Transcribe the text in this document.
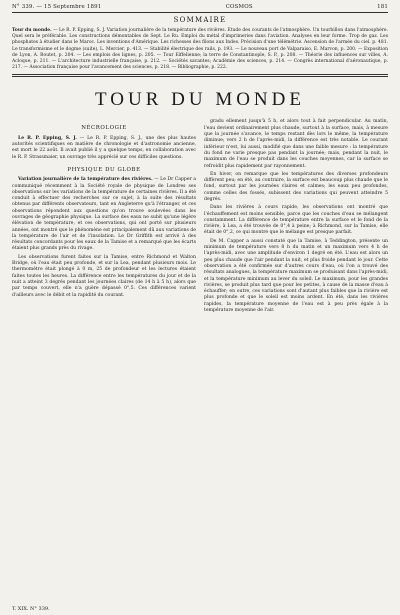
N° 339. — 15 Septembre 1891	COSMOS	181
SOMMAIRE
Tour du monde. — Le R. P. Epping, S. J. Variation journalière de la température des rivières. Etude des courants de l'atmosphère. Un tourbillon dans l'atmosphère. Quel sera le préférable. Les constructions démontables de Sept. Le Ru. Emploi du métal d'imprimeries dans l'aviation. Analyses en leur forme. Trop de gaz. Les phosphates à étudier dans le Maroc. Les inventions d'Amérique. Les richesses des filons aux Indes. Précision d'une télémétrie. Ascension de l'armée du ciel. p. 481. Le transformisme et le dogme (suite), L. Mercier, p. 413. — Stabilité électrique des rails, p. 193. — Le nouveau port de Valparaiso, E. Marvon, p. 200. — Exposition de Lyon, A. Boutet, p. 204. — Les emplois des lignes, p. 205. — Tour Eiffelienne; la terre de Constantinople, S. P., p. 208. — Théorie des influences sur villes, A. Acloque, p. 211. — L'architecture industrielle française, p. 212. — Sociétés savantes; Académie des sciences, p. 214. — Congrès international d'aéronautique, p. 217. — Association française pour l'avancement des sciences, p. 218. — Bibliographie, p. 222.
TOUR DU MONDE
NÉCROLOGIE

Le R. P. Epping, S. J. — Le R. P. Epping, S. J., une des plus hautes autorités scientifiques en matière de chronologie et d'astronomie ancienne, est mort le 22 août. Il avait publié il y a quelque temps, en collaboration avec le R. P. Strassmaier, un ouvrage très apprécié sur ces difficiles questions.

PHYSIQUE DU GLOBE

Variation journalière de la température des rivières. — Le Dr Capper a communiqué récemment à la Société royale de physique de Londres ses observations sur les variations de la température de certaines rivières. Il a été conduit à effectuer des recherches sur ce sujet, à la suite des résultats obtenus par différents observateurs, tant en Angleterre qu'à l'étranger, et ces observations répondent aux questions qu'on trouve soulevées dans les ouvrages de géographie physique. La surface des eaux ne subit qu'une légère élévation de température, et ces observations, qui ont porté sur plusieurs années, ont montré que le phénomène est principalement dû aux variations de la température de l'air et de l'insolation. Le Dr Griffith est arrivé à des résultats concordants pour les eaux de la Tamise et a remarqué que les écarts étaient plus grands près du rivage.

Les observations furent faites sur la Tamise, entre Richmond et Walton Bridge, où l'eau était peu profonde, et sur la Lea, pendant plusieurs mois. Le thermomètre était plongé à 0 m, 25 de profondeur et les lectures étaient faites toutes les heures. La différence entre les températures du jour et de la nuit a atteint 3 degrés pendant les journées claires (de 14 h à 5 h), alors que par temps couvert, elle n'a guère dépassé 0°,5. Ces différences varient d'ailleurs avec le débit et la rapidité du courant.

gradu ellement jusqu'à 5 h, et alors tout à fait perpendicular. Au matin, l'eau devient ordinairement plus chaude, surtout à la surface, mais, à mesure que la journée s'avance, le temps restant dès lors le même, la température diminue; vers 2 h de l'après-midi, la différence est très notable. Le courant inférieur n'est, lui aussi, modifié que dans une faible mesure : la température du fond ne varie presque pas pendant la journée; mais, pendant la nuit, le maximum de l'eau se produit dans les couches moyennes, car la surface se refroidit plus rapidement par rayonnement.

En hiver, on remarque que les températures des diverses profondeurs diffèrent peu; en été, au contraire, la surface est beaucoup plus chaude que le fond, surtout par les journées claires et calmes; les eaux peu profondes, comme celles des fossés, subissent des variations qui peuvent atteindre 5 degrés.

Dans les rivières à cours rapide, les observations ont montré que l'échauffement est moins sensible, parce que les couches d'eau se mélangent constamment. La différence de température entre la surface et le fond de la rivière, à Lea, a été trouvée de 0°,4 à peine; à Richmond, sur la Tamise, elle était de 0°,2, ce qui montre que le mélange est presque parfait.

De M. Capper a aussi constaté que la Tamise, à Teddington, présente un minimum de température vers 8 h du matin et un maximum vers 4 h de l'après-midi, avec une amplitude d'environ 1 degré en été. L'eau est alors un peu plus chaude que l'air pendant la nuit, et plus froide pendant le jour. Cette observation a été confirmée sur d'autres cours d'eau, où l'on a trouvé des résultats analogues, la température maximum se produisant dans l'après-midi, et la température minimum au lever du soleil. Le maximum, pour les grandes rivières, se produit plus tard que pour les petites, à cause de la masse d'eau à échauffer; en outre, ces variations sont d'autant plus faibles que la rivière est plus profonde et que le soleil est moins ardent. En été, dans les rivières rapides, la température moyenne de l'eau est à peu près égale à la température moyenne de l'air.

T. XIX. N° 339.
